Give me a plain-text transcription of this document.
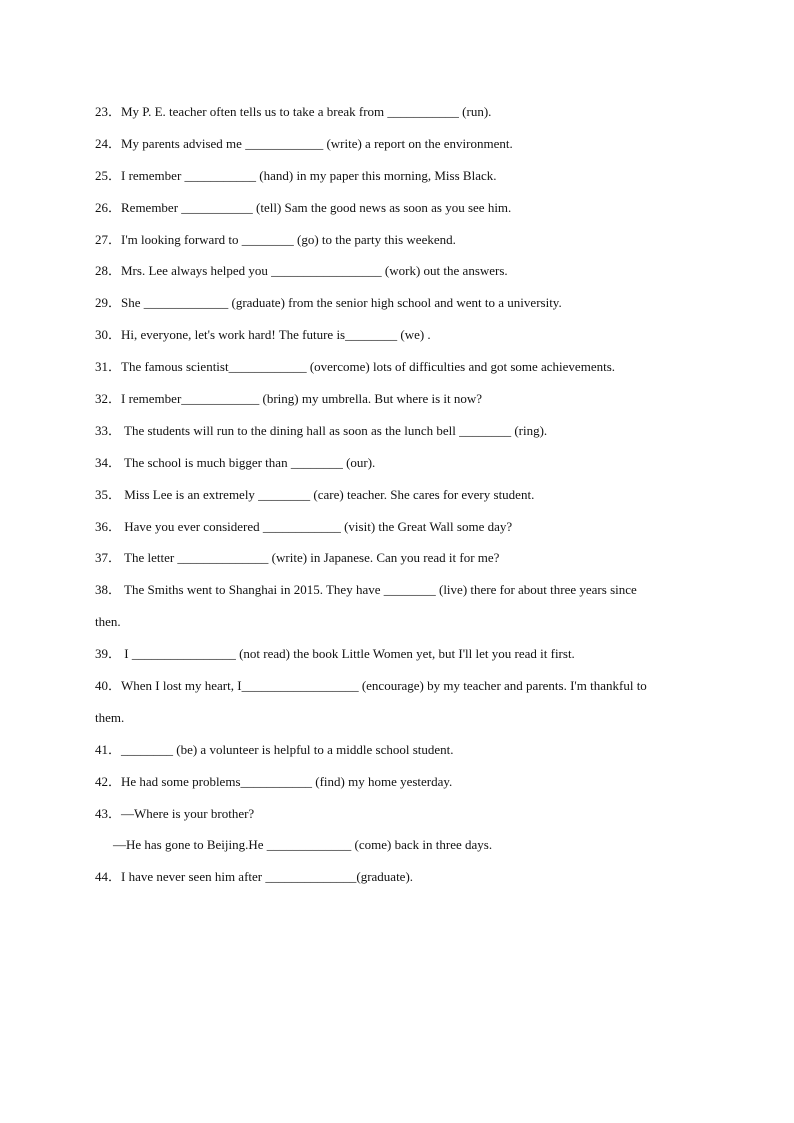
23．My P. E. teacher often tells us to take a break from ___________ (run).
24．My parents advised me ____________ (write) a report on the environment.
25．I remember ___________ (hand) in my paper this morning, Miss Black.
26．Remember ___________ (tell) Sam the good news as soon as you see him.
27．I'm looking forward to ________ (go) to the party this weekend.
28．Mrs. Lee always helped you _________________ (work) out the answers.
29．She _____________ (graduate) from the senior high school and went to a university.
30．Hi, everyone, let's work hard! The future is________ (we) .
31．The famous scientist____________ (overcome) lots of difficulties and got some achievements.
32．I remember____________ (bring) my umbrella. But where is it now?
33． The students will run to the dining hall as soon as the lunch bell ________ (ring).
34． The school is much bigger than ________ (our).
35． Miss Lee is an extremely ________ (care) teacher. She cares for every student.
36． Have you ever considered ____________ (visit) the Great Wall some day?
37． The letter ______________ (write) in Japanese. Can you read it for me?
38． The Smiths went to Shanghai in 2015. They have ________ (live) there for about three years since
then.
39． I ________________ (not read) the book Little Women yet, but I'll let you read it first.
40．When I lost my heart, I__________________ (encourage) by my teacher and parents. I'm thankful to
them.
41．________ (be) a volunteer is helpful to a middle school student.
42．He had some problems___________ (find) my home yesterday.
43．—Where is your brother?
—He has gone to Beijing.He _____________ (come) back in three days.
44．I have never seen him after ______________(graduate).
